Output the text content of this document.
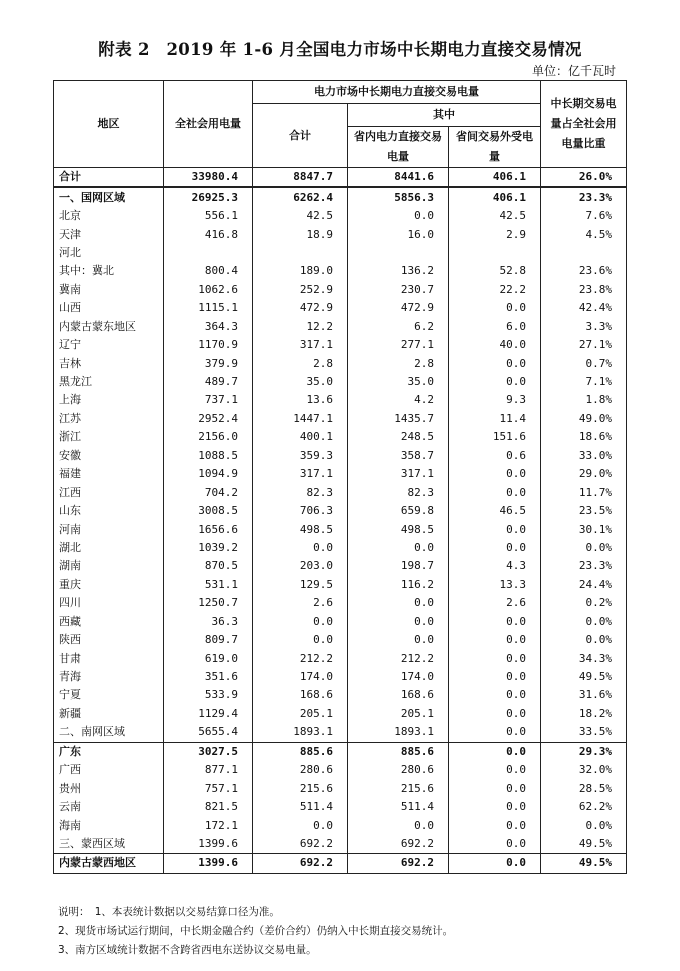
附表 2　2019 年 1-6 月全国电力市场中长期电力直接交易情况
单位：亿千瓦时
地区	全社会用电量	电力市场中长期电力直接交易电量			中长期交易电量占全社会用电量比重
		合计	其中		
			省内电力直接交易电量	省间交易外受电量	
合计	33980.4	8847.7	8441.6	406.1	26.0%
一、国网区域	26925.3	6262.4	5856.3	406.1	23.3%
北京	556.1	42.5	0.0	42.5	7.6%
天津	416.8	18.9	16.0	2.9	4.5%
河北					
其中：冀北	800.4	189.0	136.2	52.8	23.6%
冀南	1062.6	252.9	230.7	22.2	23.8%
山西	1115.1	472.9	472.9	0.0	42.4%
内蒙古蒙东地区	364.3	12.2	6.2	6.0	3.3%
辽宁	1170.9	317.1	277.1	40.0	27.1%
吉林	379.9	2.8	2.8	0.0	0.7%
黑龙江	489.7	35.0	35.0	0.0	7.1%
上海	737.1	13.6	4.2	9.3	1.8%
江苏	2952.4	1447.1	1435.7	11.4	49.0%
浙江	2156.0	400.1	248.5	151.6	18.6%
安徽	1088.5	359.3	358.7	0.6	33.0%
福建	1094.9	317.1	317.1	0.0	29.0%
江西	704.2	82.3	82.3	0.0	11.7%
山东	3008.5	706.3	659.8	46.5	23.5%
河南	1656.6	498.5	498.5	0.0	30.1%
湖北	1039.2	0.0	0.0	0.0	0.0%
湖南	870.5	203.0	198.7	4.3	23.3%
重庆	531.1	129.5	116.2	13.3	24.4%
四川	1250.7	2.6	0.0	2.6	0.2%
西藏	36.3	0.0	0.0	0.0	0.0%
陕西	809.7	0.0	0.0	0.0	0.0%
甘肃	619.0	212.2	212.2	0.0	34.3%
青海	351.6	174.0	174.0	0.0	49.5%
宁夏	533.9	168.6	168.6	0.0	31.6%
新疆	1129.4	205.1	205.1	0.0	18.2%
二、南网区域	5655.4	1893.1	1893.1	0.0	33.5%
广东	3027.5	885.6	885.6	0.0	29.3%
广西	877.1	280.6	280.6	0.0	32.0%
贵州	757.1	215.6	215.6	0.0	28.5%
云南	821.5	511.4	511.4	0.0	62.2%
海南	172.1	0.0	0.0	0.0	0.0%
三、蒙西区域	1399.6	692.2	692.2	0.0	49.5%
内蒙古蒙西地区	1399.6	692.2	692.2	0.0	49.5%
说明：　1、本表统计数据以交易结算口径为准。
2、现货市场试运行期间，中长期金融合约（差价合约）仍纳入中长期直接交易统计。
3、南方区域统计数据不含跨省西电东送协议交易电量。
